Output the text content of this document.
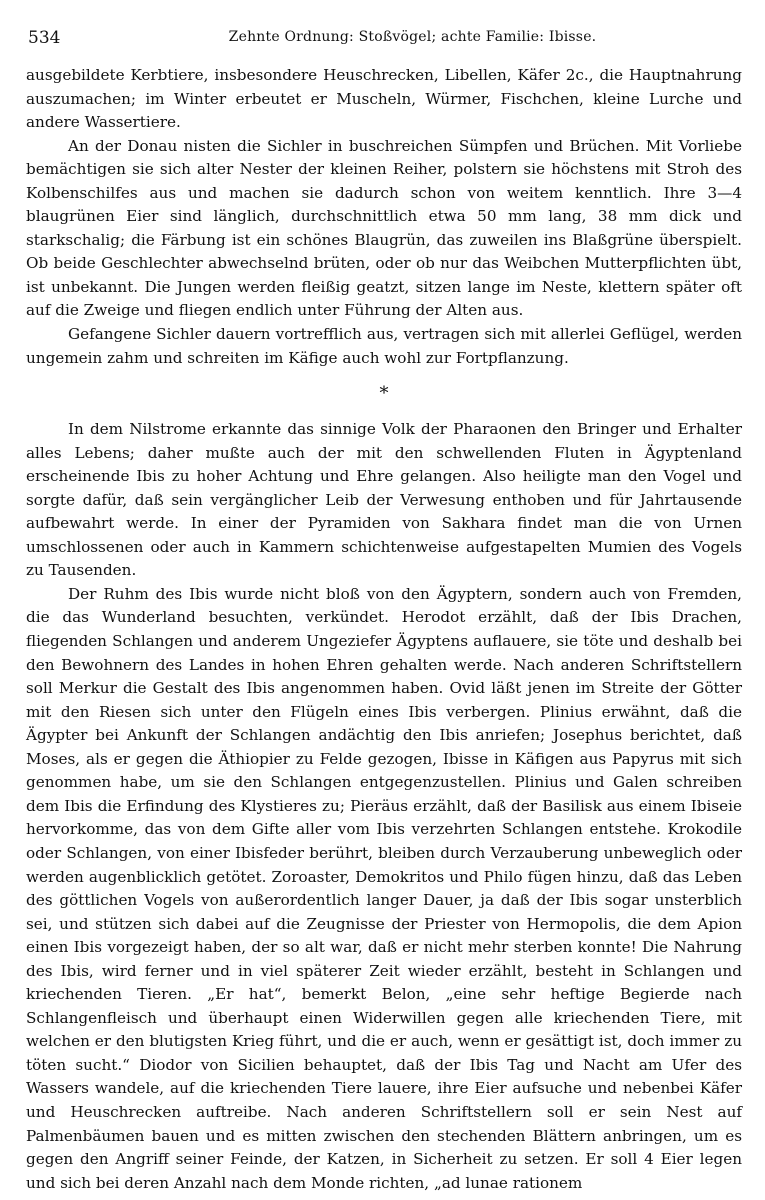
534	Zehnte Ordnung: Stoßvögel; achte Familie: Ibisse.

ausgebildete Kerbtiere, insbesondere Heuschrecken, Libellen, Käfer 2c., die Hauptnahrung auszumachen; im Winter erbeutet er Muscheln, Würmer, Fischchen, kleine Lurche und andere Wassertiere.

An der Donau nisten die Sichler in buschreichen Sümpfen und Brüchen. Mit Vorliebe bemächtigen sie sich alter Nester der kleinen Reiher, polstern sie höchstens mit Stroh des Kolbenschilfes aus und machen sie dadurch schon von weitem kenntlich. Ihre 3—4 blaugrünen Eier sind länglich, durchschnittlich etwa 50 mm lang, 38 mm dick und starkschalig; die Färbung ist ein schönes Blaugrün, das zuweilen ins Blaßgrüne überspielt. Ob beide Geschlechter abwechselnd brüten, oder ob nur das Weibchen Mutterpflichten übt, ist unbekannt. Die Jungen werden fleißig geatzt, sitzen lange im Neste, klettern später oft auf die Zweige und fliegen endlich unter Führung der Alten aus.

Gefangene Sichler dauern vortrefflich aus, vertragen sich mit allerlei Geflügel, werden ungemein zahm und schreiten im Käfige auch wohl zur Fortpflanzung.

*

In dem Nilstrome erkannte das sinnige Volk der Pharaonen den Bringer und Erhalter alles Lebens; daher mußte auch der mit den schwellenden Fluten in Ägyptenland erscheinende Ibis zu hoher Achtung und Ehre gelangen. Also heiligte man den Vogel und sorgte dafür, daß sein vergänglicher Leib der Verwesung enthoben und für Jahrtausende aufbewahrt werde. In einer der Pyramiden von Sakhara findet man die von Urnen umschlossenen oder auch in Kammern schichtenweise aufgestapelten Mumien des Vogels zu Tausenden.

Der Ruhm des Ibis wurde nicht bloß von den Ägyptern, sondern auch von Fremden, die das Wunderland besuchten, verkündet. Herodot erzählt, daß der Ibis Drachen, fliegenden Schlangen und anderem Ungeziefer Ägyptens auflauere, sie töte und deshalb bei den Bewohnern des Landes in hohen Ehren gehalten werde. Nach anderen Schriftstellern soll Merkur die Gestalt des Ibis angenommen haben. Ovid läßt jenen im Streite der Götter mit den Riesen sich unter den Flügeln eines Ibis verbergen. Plinius erwähnt, daß die Ägypter bei Ankunft der Schlangen andächtig den Ibis anriefen; Josephus berichtet, daß Moses, als er gegen die Äthiopier zu Felde gezogen, Ibisse in Käfigen aus Papyrus mit sich genommen habe, um sie den Schlangen entgegenzustellen. Plinius und Galen schreiben dem Ibis die Erfindung des Klystieres zu; Pieräus erzählt, daß der Basilisk aus einem Ibiseie hervorkomme, das von dem Gifte aller vom Ibis verzehrten Schlangen entstehe. Krokodile oder Schlangen, von einer Ibisfeder berührt, bleiben durch Verzauberung unbeweglich oder werden augenblicklich getötet. Zoroaster, Demokritos und Philo fügen hinzu, daß das Leben des göttlichen Vogels von außerordentlich langer Dauer, ja daß der Ibis sogar unsterblich sei, und stützen sich dabei auf die Zeugnisse der Priester von Hermopolis, die dem Apion einen Ibis vorgezeigt haben, der so alt war, daß er nicht mehr sterben konnte! Die Nahrung des Ibis, wird ferner und in viel späterer Zeit wieder erzählt, besteht in Schlangen und kriechenden Tieren. „Er hat“, bemerkt Belon, „eine sehr heftige Begierde nach Schlangenfleisch und überhaupt einen Widerwillen gegen alle kriechenden Tiere, mit welchen er den blutigsten Krieg führt, und die er auch, wenn er gesättigt ist, doch immer zu töten sucht.“ Diodor von Sicilien behauptet, daß der Ibis Tag und Nacht am Ufer des Wassers wandele, auf die kriechenden Tiere lauere, ihre Eier aufsuche und nebenbei Käfer und Heuschrecken auftreibe. Nach anderen Schriftstellern soll er sein Nest auf Palmenbäumen bauen und es mitten zwischen den stechenden Blättern anbringen, um es gegen den Angriff seiner Feinde, der Katzen, in Sicherheit zu setzen. Er soll 4 Eier legen und sich bei deren Anzahl nach dem Monde richten, „ad lunae rationem
